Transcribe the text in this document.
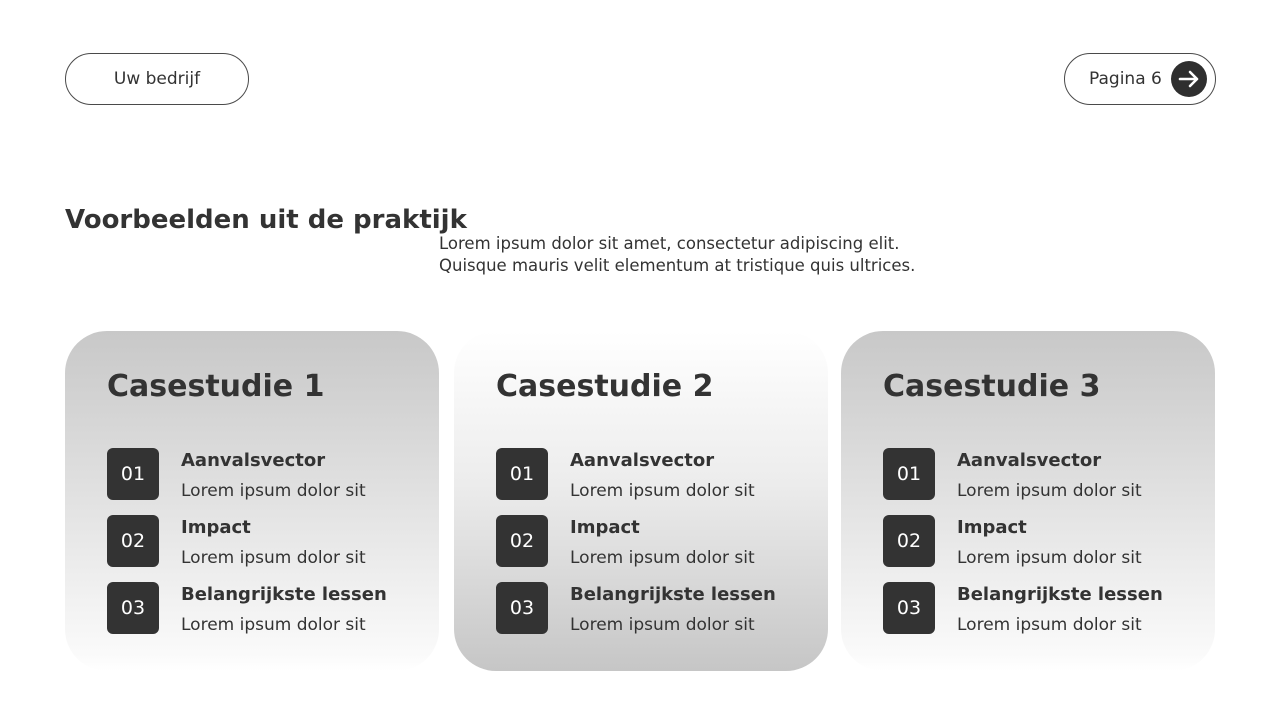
Uw bedrijf	Pagina 6
Voorbeelden uit de praktijk
Lorem ipsum dolor sit amet, consectetur adipiscing elit.
Quisque mauris velit elementum at tristique quis ultrices.
Casestudie 1
01
Aanvalsvector
Lorem ipsum dolor sit
02
Impact
Lorem ipsum dolor sit
03
Belangrijkste lessen
Lorem ipsum dolor sit
Casestudie 2
01
Aanvalsvector
Lorem ipsum dolor sit
02
Impact
Lorem ipsum dolor sit
03
Belangrijkste lessen
Lorem ipsum dolor sit
Casestudie 3
01
Aanvalsvector
Lorem ipsum dolor sit
02
Impact
Lorem ipsum dolor sit
03
Belangrijkste lessen
Lorem ipsum dolor sit
